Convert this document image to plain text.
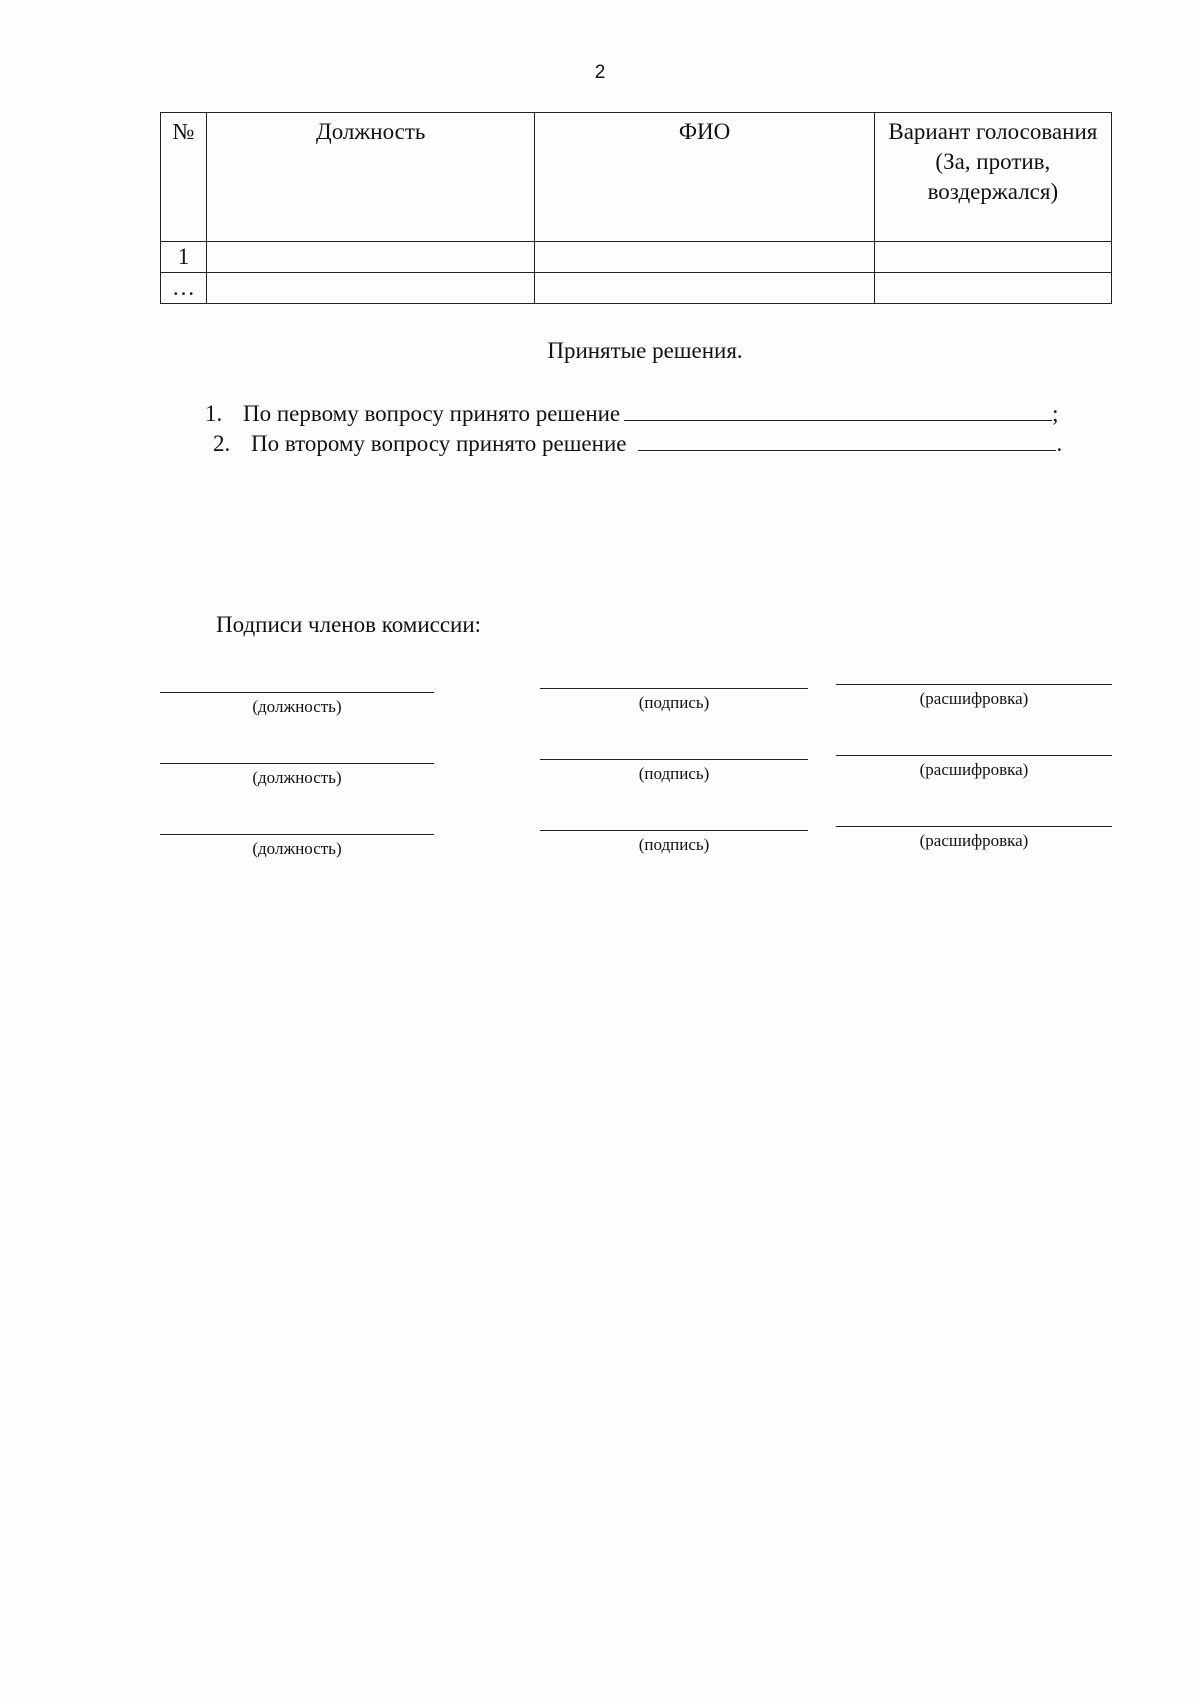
2
№	Должность	ФИО	Вариант голосования (За, против, воздержался)
1			
…			
Принятые решения.
1. По первому вопросу принято решение	;
2. По второму вопросу принято решение	.
Подписи членов комиссии:
(должность)	(подпись)	(расшифровка)
(должность)	(подпись)	(расшифровка)
(должность)	(подпись)	(расшифровка)
